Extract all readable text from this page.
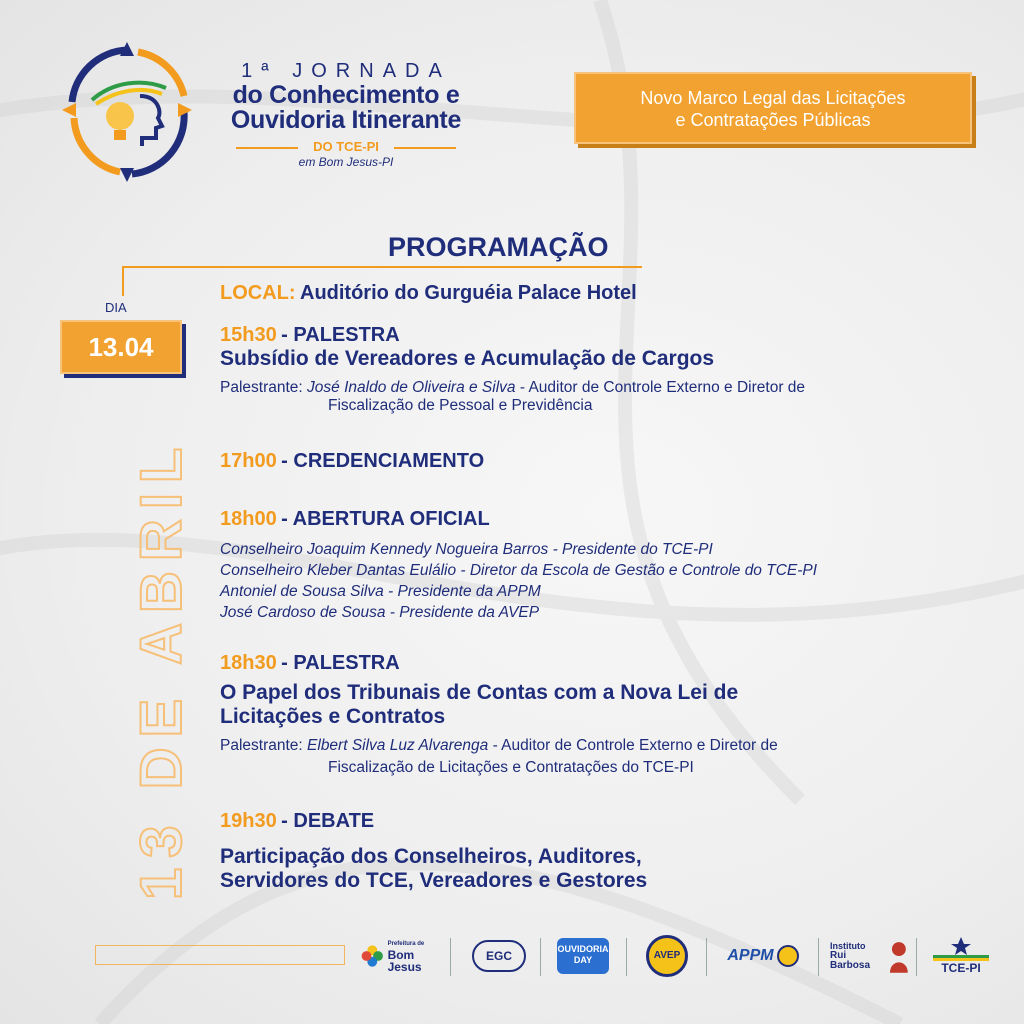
1ª JORNADA
do Conhecimento e
Ouvidoria Itinerante
DO TCE-PI
em Bom Jesus-PI
Novo Marco Legal das Licitações
e Contratações Públicas
PROGRAMAÇÃO
DIA
13.04
13 DE ABRIL
LOCAL: Auditório do Gurguéia Palace Hotel
15h30 - PALESTRA
Subsídio de Vereadores e Acumulação de Cargos
Palestrante: José Inaldo de Oliveira e Silva - Auditor de Controle Externo e Diretor de
Fiscalização de Pessoal e Previdência
17h00 - CREDENCIAMENTO
18h00 - ABERTURA OFICIAL
Conselheiro Joaquim Kennedy Nogueira Barros - Presidente do TCE-PI
Conselheiro Kleber Dantas Eulálio - Diretor da Escola de Gestão e Controle do TCE-PI
Antoniel de Sousa Silva - Presidente da APPM
José Cardoso de Sousa - Presidente da AVEP
18h30 - PALESTRA
O Papel dos Tribunais de Contas com a Nova Lei de
Licitações e Contratos
Palestrante: Elbert Silva Luz Alvarenga - Auditor de Controle Externo e Diretor de
Fiscalização de Licitações e Contratações do TCE-PI
19h30 - DEBATE
Participação dos Conselheiros, Auditores,
Servidores do TCE, Vereadores e Gestores
Prefeitura de
Bom Jesus
EGC	OUVIDORIA DAY	AVEP	APPM
Instituto
Rui Barbosa	TCE-PI
